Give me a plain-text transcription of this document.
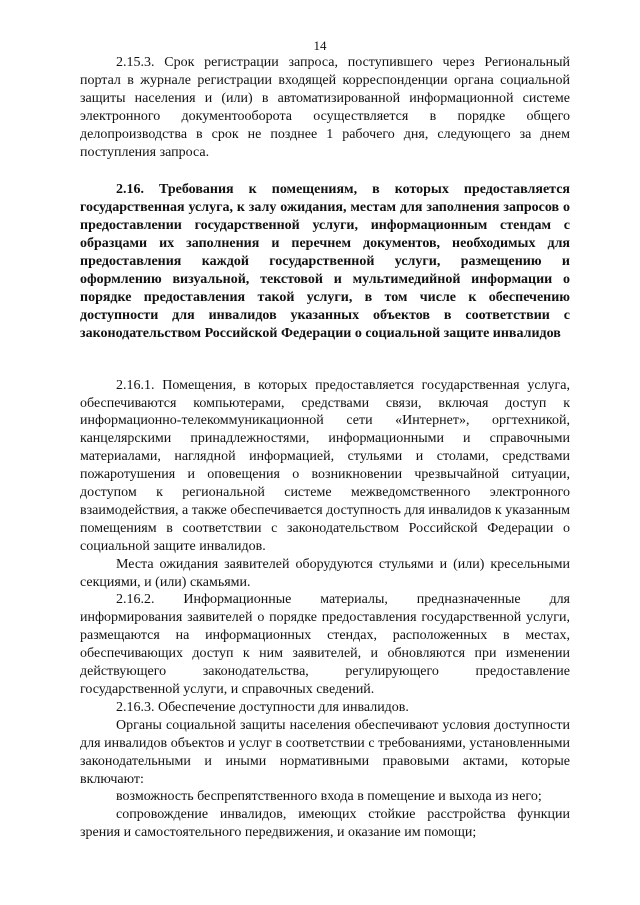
14

2.15.3. Срок регистрации запроса, поступившего через Региональный портал в журнале регистрации входящей корреспонденции органа социальной защиты населения и (или) в автоматизированной информационной системе электронного документооборота осуществляется в порядке общего делопроизводства в срок не позднее 1 рабочего дня, следующего за днем поступления запроса.

2.16. Требования к помещениям, в которых предоставляется государственная услуга, к залу ожидания, местам для заполнения запросов о предоставлении государственной услуги, информационным стендам с образцами их заполнения и перечнем документов, необходимых для предоставления каждой государственной услуги, размещению и оформлению визуальной, текстовой и мультимедийной информации о порядке предоставления такой услуги, в том числе к обеспечению доступности для инвалидов указанных объектов в соответствии с законодательством Российской Федерации о социальной защите инвалидов

2.16.1. Помещения, в которых предоставляется государственная услуга, обеспечиваются компьютерами, средствами связи, включая доступ к информационно-телекоммуникационной сети «Интернет», оргтехникой, канцелярскими принадлежностями, информационными и справочными материалами, наглядной информацией, стульями и столами, средствами пожаротушения и оповещения о возникновении чрезвычайной ситуации, доступом к региональной системе межведомственного электронного взаимодействия, а также обеспечивается доступность для инвалидов к указанным помещениям в соответствии с законодательством Российской Федерации о социальной защите инвалидов.

Места ожидания заявителей оборудуются стульями и (или) кресельными секциями, и (или) скамьями.

2.16.2. Информационные материалы, предназначенные для информирования заявителей о порядке предоставления государственной услуги, размещаются на информационных стендах, расположенных в местах, обеспечивающих доступ к ним заявителей, и обновляются при изменении действующего законодательства, регулирующего предоставление государственной услуги, и справочных сведений.

2.16.3. Обеспечение доступности для инвалидов.

Органы социальной защиты населения обеспечивают условия доступности для инвалидов объектов и услуг в соответствии с требованиями, установленными законодательными и иными нормативными правовыми актами, которые включают:

возможность беспрепятственного входа в помещение и выхода из него;

сопровождение инвалидов, имеющих стойкие расстройства функции зрения и самостоятельного передвижения, и оказание им помощи;
